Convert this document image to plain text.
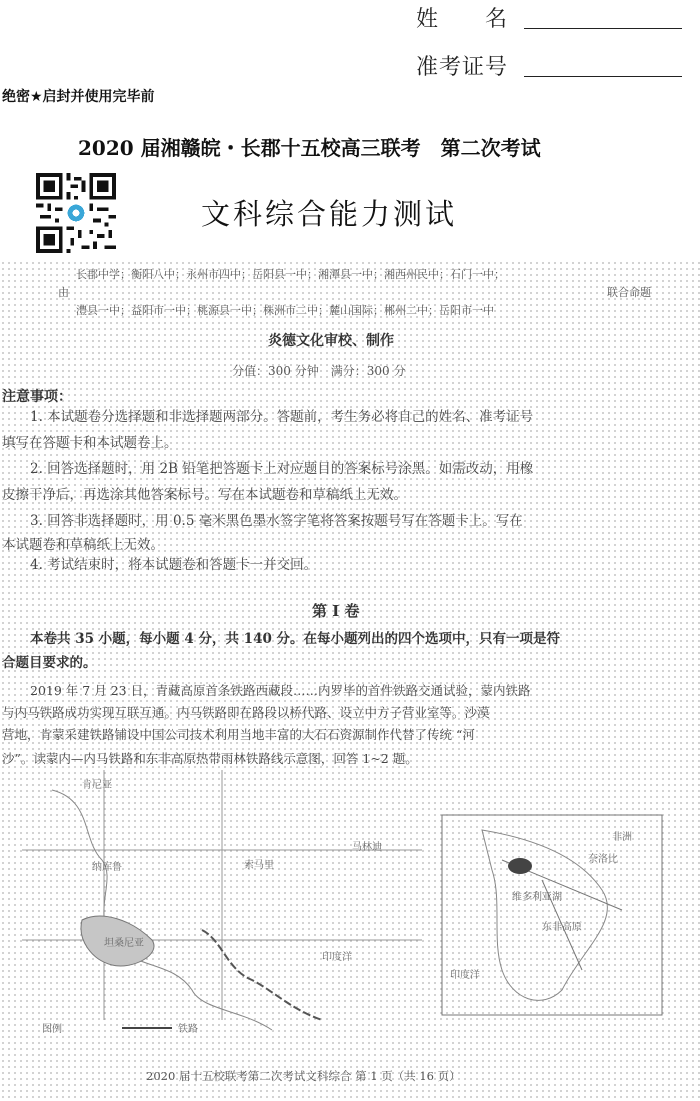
姓　　名
准考证号
绝密★启封并使用完毕前
2020 届湘赣皖・长郡十五校高三联考　第二次考试
文科综合能力测试
长郡中学；衡阳八中；永州市四中；岳阳县一中；湘潭县一中；湘西州民中；石门一中；
由	联合命题
澧县一中；益阳市一中；桃源县一中；株洲市二中；麓山国际；郴州二中；岳阳市一中
炎德文化审校、制作
分值：300 分钟　满分：300 分
注意事项：
1. 本试题卷分选择题和非选择题两部分。答题前，考生务必将自己的姓名、准考证号
填写在答题卡和本试题卷上。
2. 回答选择题时，用 2B 铅笔把答题卡上对应题目的答案标号涂黑。如需改动，用橡
皮擦干净后，再选涂其他答案标号。写在本试题卷和草稿纸上无效。
3. 回答非选择题时，用 0.5 毫米黑色墨水签字笔将答案按题号写在答题卡上。写在
本试题卷和草稿纸上无效。
4. 考试结束时，将本试题卷和答题卡一并交回。
第 I 卷
本卷共 35 小题，每小题 4 分，共 140 分。在每小题列出的四个选项中，只有一项是符
合题目要求的。
2019 年 7 月 23 日，青藏高原首条铁路西藏段……内罗毕的首件铁路交通试验，蒙内铁路
与内马铁路成功实现互联互通。内马铁路即在路段以桥代路、设立中方子营业室等。沙漠
营地，肯蒙采建铁路铺设中国公司技术利用当地丰富的大石石资源制作代替了传统 “河
沙”。读蒙内—内马铁路和东非高原热带雨林铁路线示意图，回答 1~2 题。
肯尼亚
索马里
坦桑尼亚
印度洋
马林迪
纳库鲁
非洲
奈洛比
东非高原
维多利亚湖
印度洋
图例	铁路
2020 届十五校联考第二次考试文科综合 第 1 页（共 16 页）
